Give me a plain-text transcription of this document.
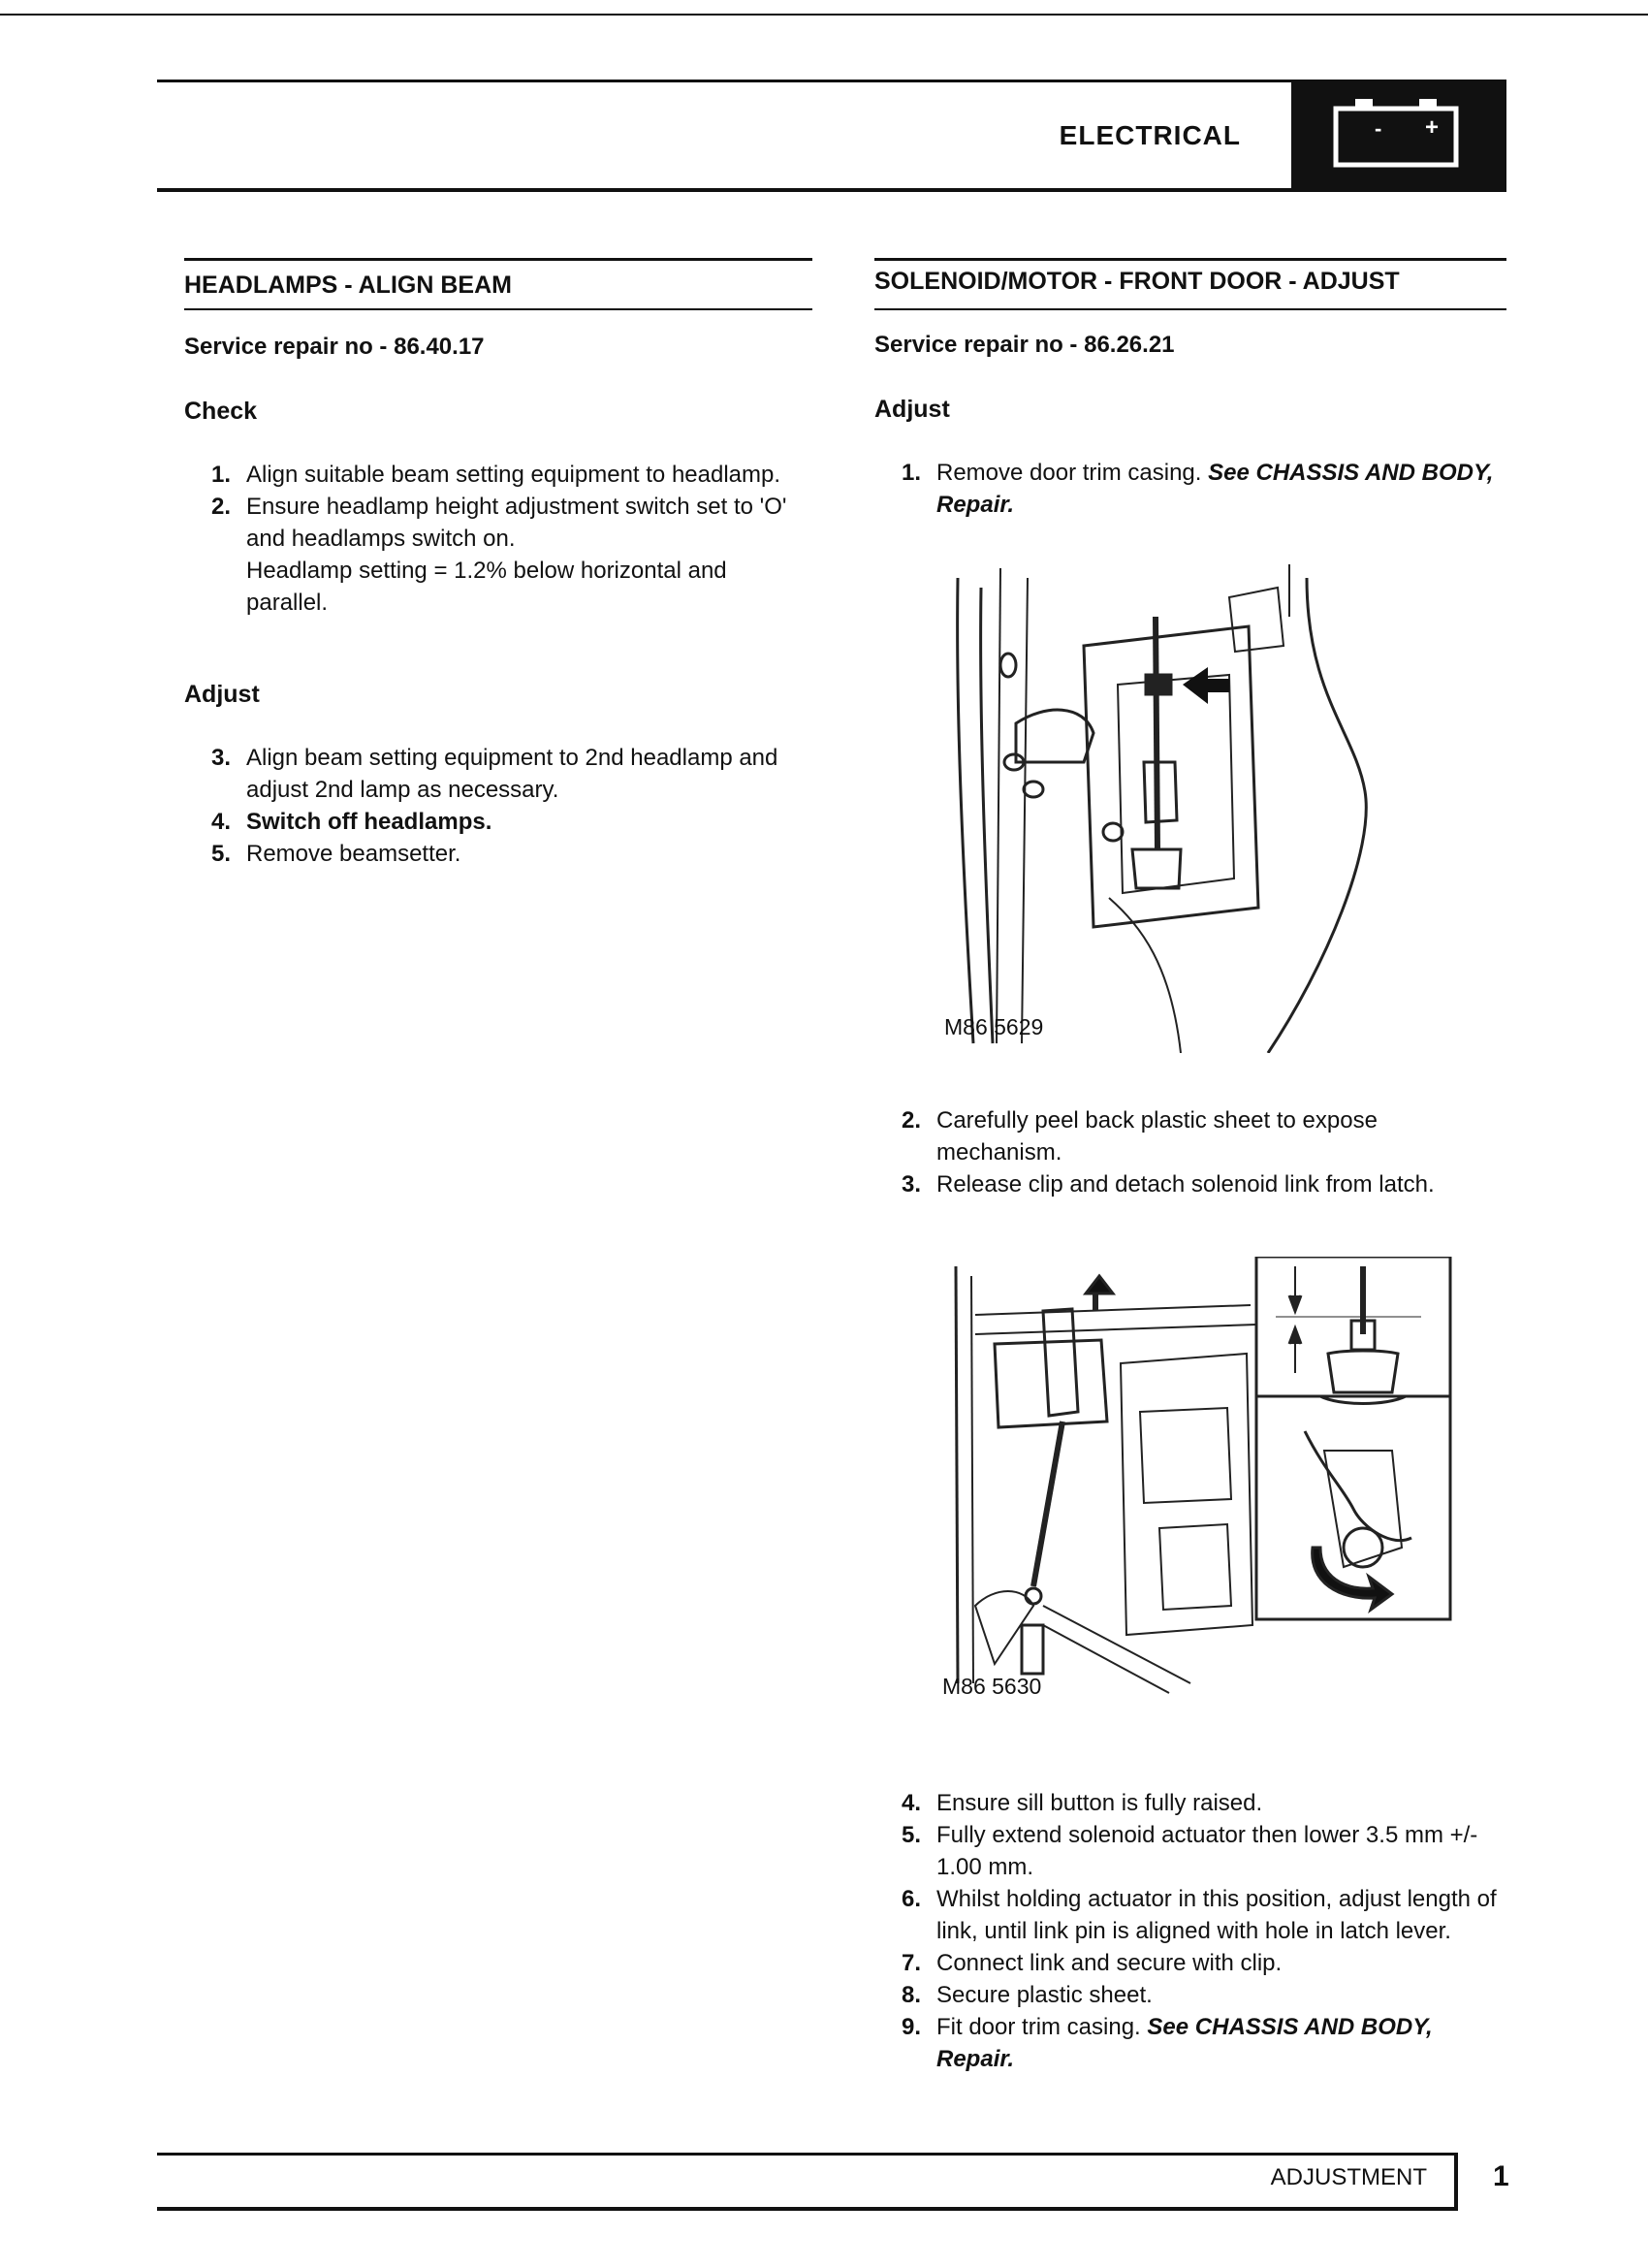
ELECTRICAL	- +
HEADLAMPS - ALIGN BEAM
Service repair no - 86.40.17
Check
1. Align suitable beam setting equipment to headlamp.
2. Ensure headlamp height adjustment switch set to 'O' and headlamps switch on.
Headlamp setting = 1.2% below horizontal and parallel.
Adjust
3. Align beam setting equipment to 2nd headlamp and adjust 2nd lamp as necessary.
4. Switch off headlamps.
5. Remove beamsetter.
SOLENOID/MOTOR - FRONT DOOR - ADJUST
Service repair no - 86.26.21
Adjust
1. Remove door trim casing. See CHASSIS AND BODY, Repair.
M86 5629
2. Carefully peel back plastic sheet to expose mechanism.
3. Release clip and detach solenoid link from latch.
M86 5630
4. Ensure sill button is fully raised.
5. Fully extend solenoid actuator then lower 3.5 mm +/- 1.00 mm.
6. Whilst holding actuator in this position, adjust length of link, until link pin is aligned with hole in latch lever.
7. Connect link and secure with clip.
8. Secure plastic sheet.
9. Fit door trim casing. See CHASSIS AND BODY, Repair.
ADJUSTMENT 1
